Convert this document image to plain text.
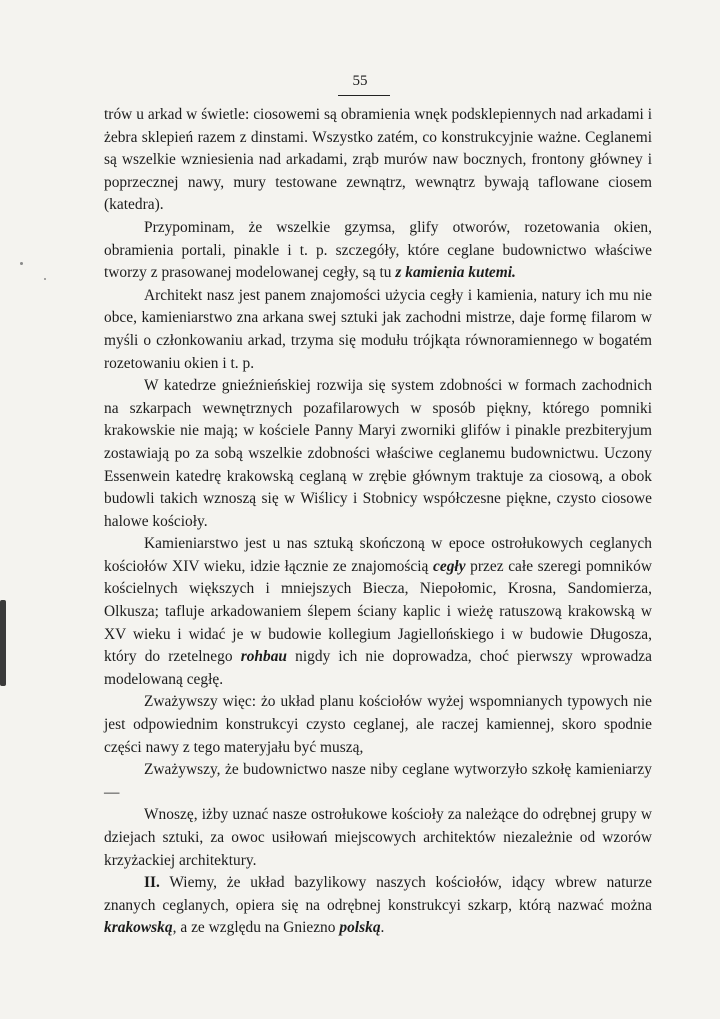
55

trów u arkad w świetle: ciosowemi są obramienia wnęk podsklepiennych nad arkadami i żebra sklepień razem z dinstami. Wszystko zatém, co konstrukcyjnie ważne. Ceglanemi są wszelkie wzniesienia nad arkadami, zrąb murów naw bocznych, frontony główney i poprzecznej nawy, mury testowane zewnątrz, wewnątrz bywają taflowane ciosem (katedra).

Przypominam, że wszelkie gzymsa, glify otworów, rozetowania okien, obramienia portali, pinakle i t. p. szczegóły, które ceglane budownictwo właściwe tworzy z prasowanej modelowanej cegły, są tu z kamienia kutemi.

Architekt nasz jest panem znajomości użycia cegły i kamienia, natury ich mu nie obce, kamieniarstwo zna arkana swej sztuki jak zachodni mistrze, daje formę filarom w myśli o członkowaniu arkad, trzyma się modułu trójkąta równoramiennego w bogatém rozetowaniu okien i t. p.

W katedrze gnieźnieńskiej rozwija się system zdobności w formach zachodnich na szkarpach wewnętrznych pozafilarowych w sposób piękny, którego pomniki krakowskie nie mają; w kościele Panny Maryi zworniki glifów i pinakle prezbiteryjum zostawiają po za sobą wszelkie zdobności właściwe ceglanemu budownictwu. Uczony Essenwein katedrę krakowską ceglaną w zrębie głównym traktuje za ciosową, a obok budowli takich wznoszą się w Wiślicy i Stobnicy współczesne piękne, czysto ciosowe halowe kościoły.

Kamieniarstwo jest u nas sztuką skończoną w epoce ostrołukowych ceglanych kościołów XIV wieku, idzie łącznie ze znajomością cegły przez całe szeregi pomników kościelnych większych i mniejszych Biecza, Niepołomic, Krosna, Sandomierza, Olkusza; tafluje arkadowaniem ślepem ściany kaplic i wieżę ratuszową krakowską w XV wieku i widać je w budowie kollegium Jagiellońskiego i w budowie Długosza, który do rzetelnego rohbau nigdy ich nie doprowadza, choć pierwszy wprowadza modelowaną cegłę.

Zważywszy więc: żo układ planu kościołów wyżej wspomnianych typowych nie jest odpowiednim konstrukcyi czysto ceglanej, ale raczej kamiennej, skoro spodnie części nawy z tego materyjału być muszą,

Zważywszy, że budownictwo nasze niby ceglane wytworzyło szkołę kamieniarzy —

Wnoszę, iżby uznać nasze ostrołukowe kościoły za należące do odrębnej grupy w dziejach sztuki, za owoc usiłowań miejscowych architektów niezależnie od wzorów krzyżackiej architektury.

II. Wiemy, że układ bazylikowy naszych kościołów, idący wbrew naturze znanych ceglanych, opiera się na odrębnej konstrukcyi szkarp, którą nazwać można krakowską, a ze względu na Gniezno polską.
